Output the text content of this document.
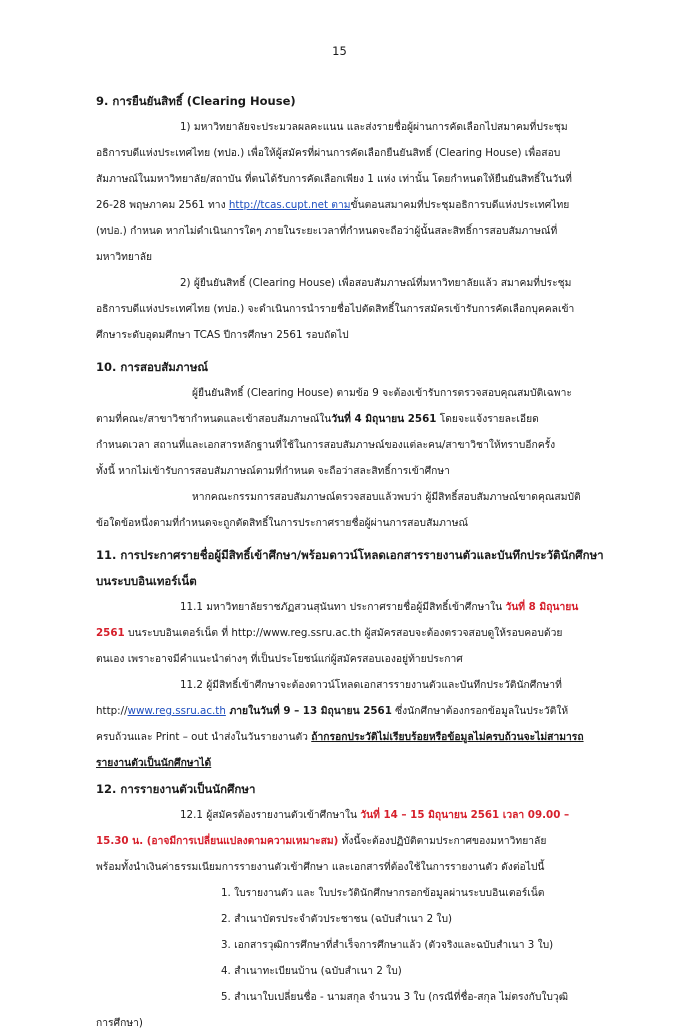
15
9. การยืนยันสิทธิ์ (Clearing House)
1) มหาวิทยาลัยจะประมวลผลคะแนน และส่งรายชื่อผู้ผ่านการคัดเลือกไปสมาคมที่ประชุม
อธิการบดีแห่งประเทศไทย (ทปอ.) เพื่อให้ผู้สมัครที่ผ่านการคัดเลือกยืนยันสิทธิ์ (Clearing House) เพื่อสอบ
สัมภาษณ์ในมหาวิทยาลัย/สถาบัน ที่ตนได้รับการคัดเลือกเพียง 1 แห่ง เท่านั้น โดยกำหนดให้ยืนยันสิทธิ์ในวันที่
26-28 พฤษภาคม 2561 ทาง http://tcas.cupt.net ตามขั้นตอนสมาคมที่ประชุมอธิการบดีแห่งประเทศไทย
(ทปอ.) กำหนด หากไม่ดำเนินการใดๆ ภายในระยะเวลาที่กำหนดจะถือว่าผู้นั้นสละสิทธิ์การสอบสัมภาษณ์ที่
มหาวิทยาลัย
2) ผู้ยืนยันสิทธิ์ (Clearing House) เพื่อสอบสัมภาษณ์ที่มหาวิทยาลัยแล้ว สมาคมที่ประชุม
อธิการบดีแห่งประเทศไทย (ทปอ.) จะดำเนินการนำรายชื่อไปตัดสิทธิ์ในการสมัครเข้ารับการคัดเลือกบุคคลเข้า
ศึกษาระดับอุดมศึกษา TCAS ปีการศึกษา 2561 รอบถัดไป
10. การสอบสัมภาษณ์
ผู้ยืนยันสิทธิ์ (Clearing House) ตามข้อ 9 จะต้องเข้ารับการตรวจสอบคุณสมบัติเฉพาะ
ตามที่คณะ/สาขาวิชากำหนดและเข้าสอบสัมภาษณ์ในวันที่ 4 มิถุนายน 2561 โดยจะแจ้งรายละเอียด
กำหนดเวลา สถานที่และเอกสารหลักฐานที่ใช้ในการสอบสัมภาษณ์ของแต่ละคน/สาขาวิชาให้ทราบอีกครั้ง
ทั้งนี้ หากไม่เข้ารับการสอบสัมภาษณ์ตามที่กำหนด จะถือว่าสละสิทธิ์การเข้าศึกษา
หากคณะกรรมการสอบสัมภาษณ์ตรวจสอบแล้วพบว่า ผู้มีสิทธิ์สอบสัมภาษณ์ขาดคุณสมบัติ
ข้อใดข้อหนึ่งตามที่กำหนดจะถูกตัดสิทธิ์ในการประกาศรายชื่อผู้ผ่านการสอบสัมภาษณ์
11. การประกาศรายชื่อผู้มีสิทธิ์เข้าศึกษา/พร้อมดาวน์โหลดเอกสารรายงานตัวและบันทึกประวัตินักศึกษา
บนระบบอินเทอร์เน็ต
11.1 มหาวิทยาลัยราชภัฏสวนสุนันทา ประกาศรายชื่อผู้มีสิทธิ์เข้าศึกษาใน วันที่ 8 มิถุนายน
2561 บนระบบอินเตอร์เน็ต ที่ http://www.reg.ssru.ac.th ผู้สมัครสอบจะต้องตรวจสอบดูให้รอบคอบด้วย
ตนเอง เพราะอาจมีคำแนะนำต่างๆ ที่เป็นประโยชน์แก่ผู้สมัครสอบเองอยู่ท้ายประกาศ
11.2 ผู้มีสิทธิ์เข้าศึกษาจะต้องดาวน์โหลดเอกสารรายงานตัวและบันทึกประวัตินักศึกษาที่
http://www.reg.ssru.ac.th ภายในวันที่ 9 – 13 มิถุนายน 2561 ซึ่งนักศึกษาต้องกรอกข้อมูลในประวัติให้
ครบถ้วนและ Print – out นำส่งในวันรายงานตัว ถ้ากรอกประวัติไม่เรียบร้อยหรือข้อมูลไม่ครบถ้วนจะไม่สามารถ
รายงานตัวเป็นนักศึกษาได้
12. การรายงานตัวเป็นนักศึกษา
12.1 ผู้สมัครต้องรายงานตัวเข้าศึกษาใน วันที่ 14 – 15 มิถุนายน 2561 เวลา 09.00 –
15.30 น. (อาจมีการเปลี่ยนแปลงตามความเหมาะสม) ทั้งนี้จะต้องปฏิบัติตามประกาศของมหาวิทยาลัย
พร้อมทั้งนำเงินค่าธรรมเนียมการรายงานตัวเข้าศึกษา และเอกสารที่ต้องใช้ในการรายงานตัว ดังต่อไปนี้
1. ใบรายงานตัว และ ใบประวัตินักศึกษากรอกข้อมูลผ่านระบบอินเตอร์เน็ต
2. สำเนาบัตรประจำตัวประชาชน (ฉบับสำเนา 2 ใบ)
3. เอกสารวุฒิการศึกษาที่สำเร็จการศึกษาแล้ว (ตัวจริงและฉบับสำเนา 3 ใบ)
4. สำเนาทะเบียนบ้าน (ฉบับสำเนา 2 ใบ)
5. สำเนาใบเปลี่ยนชื่อ - นามสกุล จำนวน 3 ใบ (กรณีที่ชื่อ-สกุล ไม่ตรงกับใบวุฒิ
การศึกษา)
